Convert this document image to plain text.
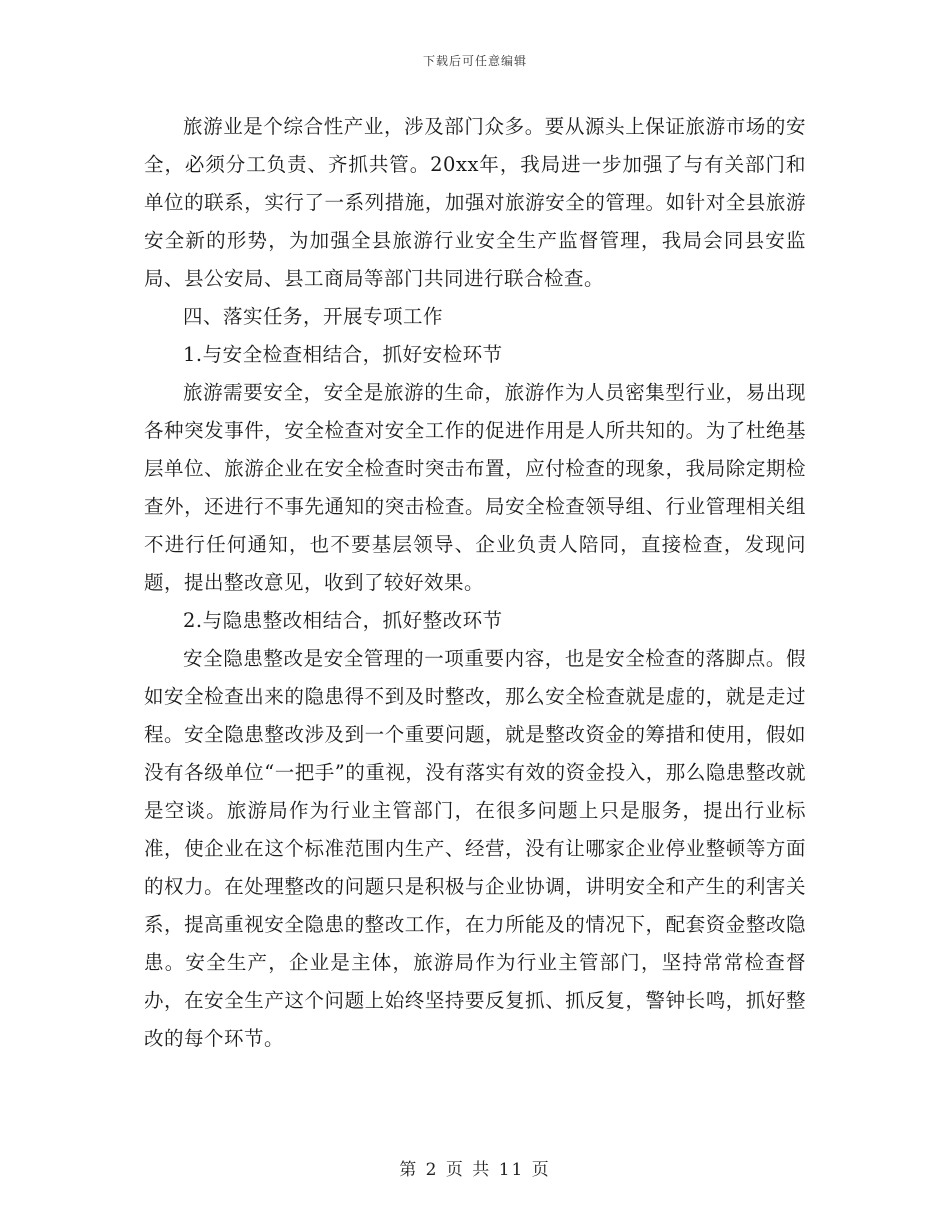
下载后可任意编辑

旅游业是个综合性产业，涉及部门众多。要从源头上保证旅游市场的安全，必须分工负责、齐抓共管。20xx年，我局进一步加强了与有关部门和单位的联系，实行了一系列措施，加强对旅游安全的管理。如针对全县旅游安全新的形势，为加强全县旅游行业安全生产监督管理，我局会同县安监局、县公安局、县工商局等部门共同进行联合检查。

四、落实任务，开展专项工作

1.与安全检查相结合，抓好安检环节

旅游需要安全，安全是旅游的生命，旅游作为人员密集型行业，易出现各种突发事件，安全检查对安全工作的促进作用是人所共知的。为了杜绝基层单位、旅游企业在安全检查时突击布置，应付检查的现象，我局除定期检查外，还进行不事先通知的突击检查。局安全检查领导组、行业管理相关组不进行任何通知，也不要基层领导、企业负责人陪同，直接检查，发现问题，提出整改意见，收到了较好效果。

2.与隐患整改相结合，抓好整改环节

安全隐患整改是安全管理的一项重要内容，也是安全检查的落脚点。假如安全检查出来的隐患得不到及时整改，那么安全检查就是虚的，就是走过程。安全隐患整改涉及到一个重要问题，就是整改资金的筹措和使用，假如没有各级单位“一把手”的重视，没有落实有效的资金投入，那么隐患整改就是空谈。旅游局作为行业主管部门，在很多问题上只是服务，提出行业标准，使企业在这个标准范围内生产、经营，没有让哪家企业停业整顿等方面的权力。在处理整改的问题只是积极与企业协调，讲明安全和产生的利害关系，提高重视安全隐患的整改工作，在力所能及的情况下，配套资金整改隐患。安全生产，企业是主体，旅游局作为行业主管部门，坚持常常检查督办，在安全生产这个问题上始终坚持要反复抓、抓反复，警钟长鸣，抓好整改的每个环节。

第 2 页 共 11 页
